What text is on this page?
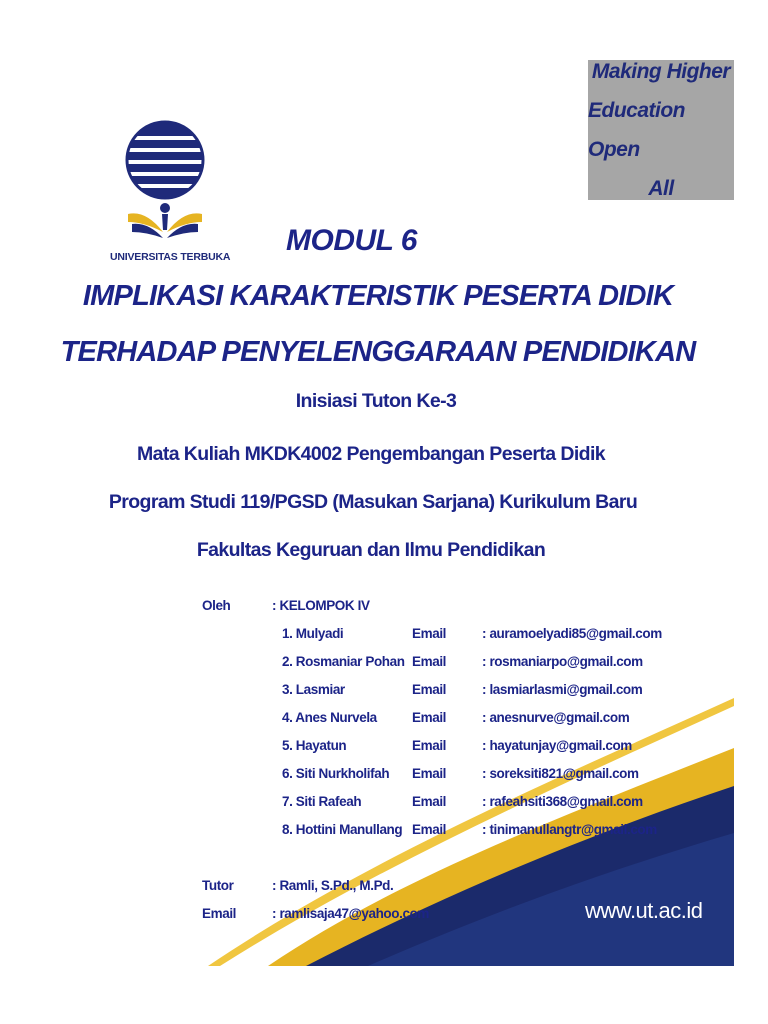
Making Higher
Education Open
All
UNIVERSITAS TERBUKA MODUL 6
IMPLIKASI KARAKTERISTIK PESERTA DIDIK
TERHADAP PENYELENGGARAAN PENDIDIKAN
Inisiasi Tuton Ke-3
Mata Kuliah MKDK4002 Pengembangan Peserta Didik
Program Studi 119/PGSD (Masukan Sarjana) Kurikulum Baru
Fakultas Keguruan dan Ilmu Pendidikan
Oleh	: KELOMPOK IV
1. Mulyadi	Email	: auramoelyadi85@gmail.com
2. Rosmaniar Pohan Email	: rosmaniarpo@gmail.com
3. Lasmiar	Email	: lasmiarlasmi@gmail.com
4. Anes Nurvela	Email	: anesnurve@gmail.com
5. Hayatun	Email	: hayatunjay@gmail.com
6. Siti Nurkholifah Email	: soreksiti821@gmail.com
7. Siti Rafeah	Email	: rafeahsiti368@gmail.com
8. Hottini Manullang Email	: tinimanullangtr@gmail.com
Tutor	: Ramli, S.Pd., M.Pd.
Email	: ramlisaja47@yahoo.com	www.ut.ac.id
